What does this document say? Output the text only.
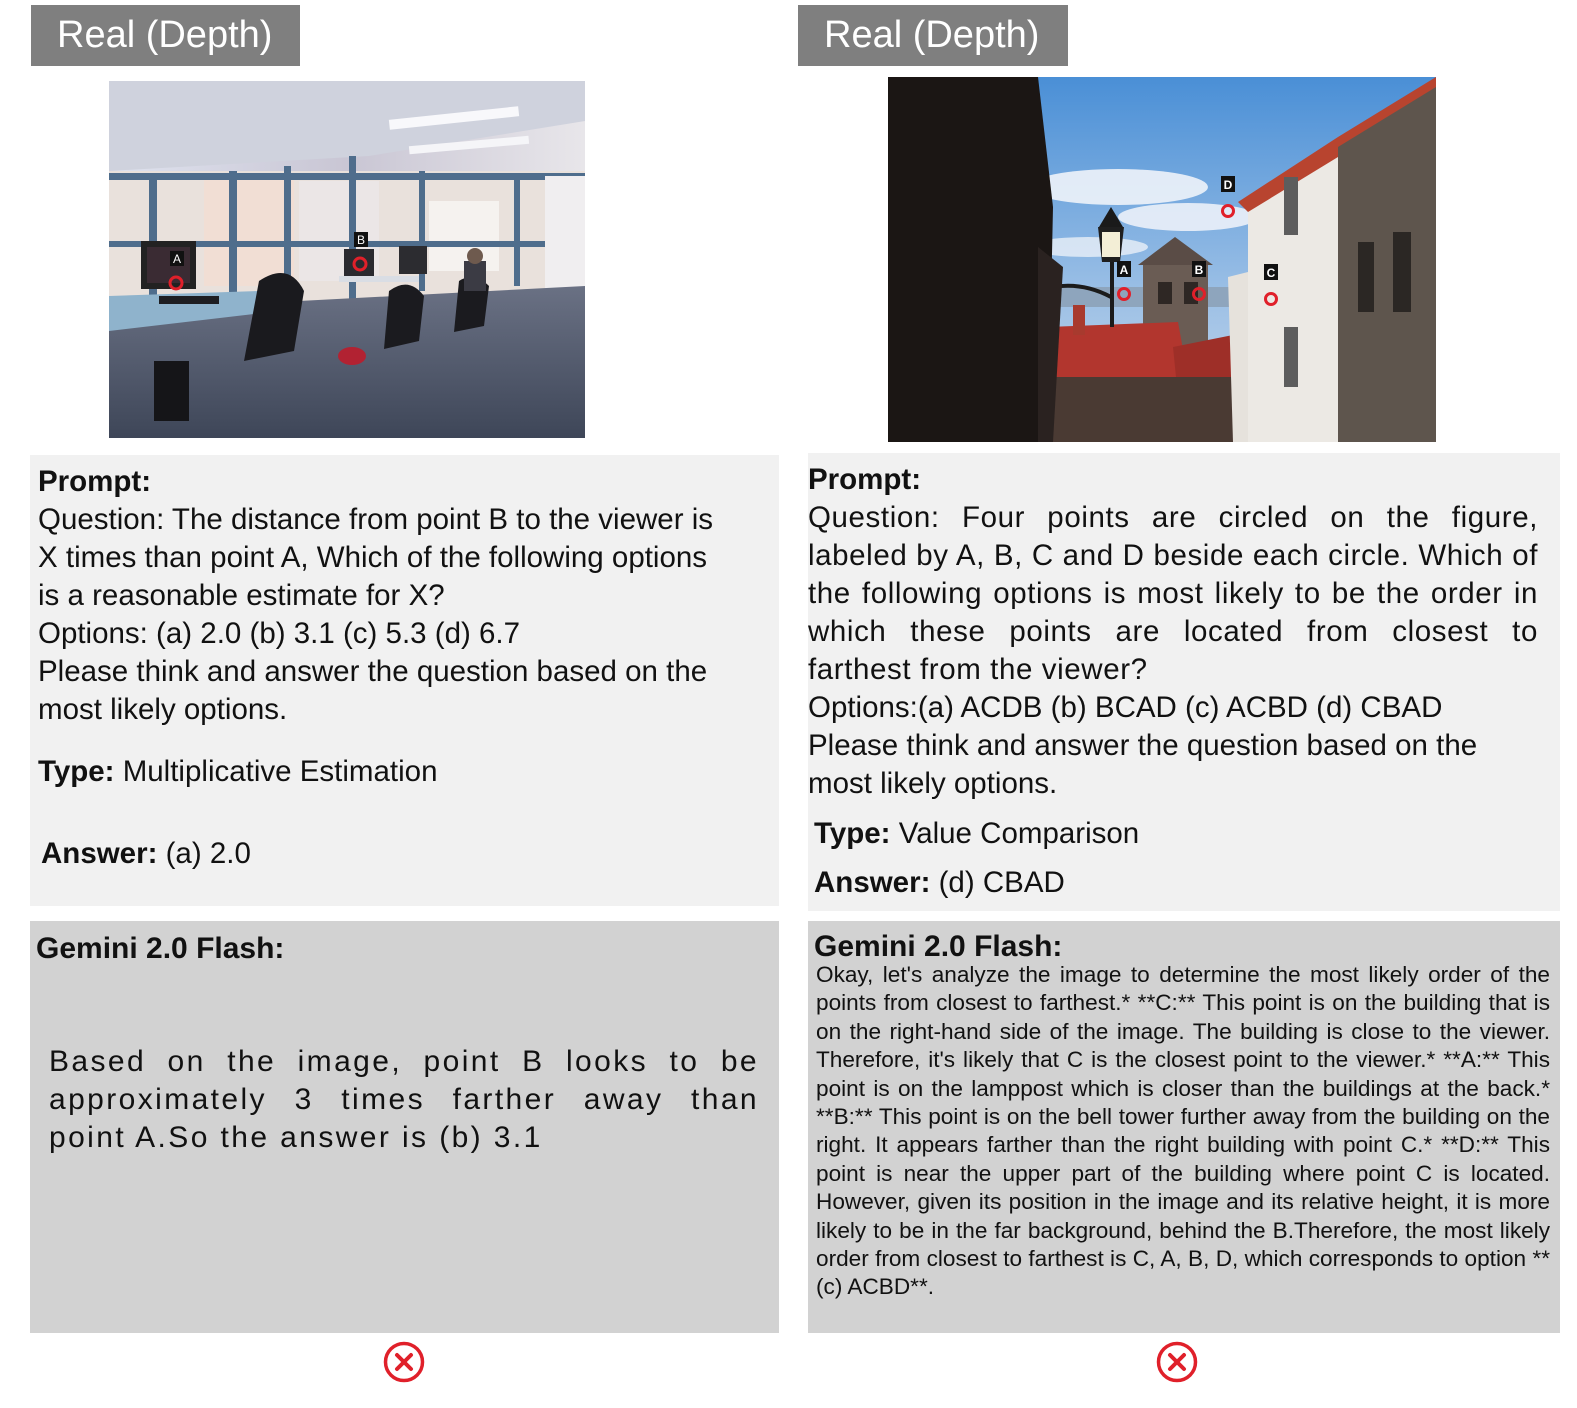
Real (Depth)
A
B
Prompt:
Question: The distance from point B to the viewer is
X times than point A, Which of the following options
is a reasonable estimate for X?
Options: (a) 2.0 (b) 3.1 (c) 5.3 (d) 6.7
Please think and answer the question based on the
most likely options.
Type: Multiplicative Estimation
Answer: (a) 2.0
Gemini 2.0 Flash:
Based on the image, point B looks to be approximately 3 times farther away than point A.So the answer is (b) 3.1
Real (Depth)
D
A	B	C
Prompt:
Question: Four points are circled on the figure, labeled by A, B, C and D beside each circle. Which of the following options is most likely to be the order in which these points are located from closest to farthest from the viewer?
Options:(a) ACDB (b) BCAD (c) ACBD (d) CBAD
Please think and answer the question based on the
most likely options.
Type: Value Comparison
Answer: (d) CBAD
Gemini 2.0 Flash:
Okay, let's analyze the image to determine the most likely order of the points from closest to farthest.* **C:** This point is on the building that is on the right-hand side of the image. The building is close to the viewer. Therefore, it's likely that C is the closest point to the viewer.* **A:** This point is on the lamppost which is closer than the buildings at the back.* **B:** This point is on the bell tower further away from the building on the right. It appears farther than the right building with point C.* **D:** This point is near the upper part of the building where point C is located. However, given its position in the image and its relative height, it is more likely to be in the far background, behind the B.Therefore, the most likely order from closest to farthest is C, A, B, D, which corresponds to option **(c) ACBD**.
